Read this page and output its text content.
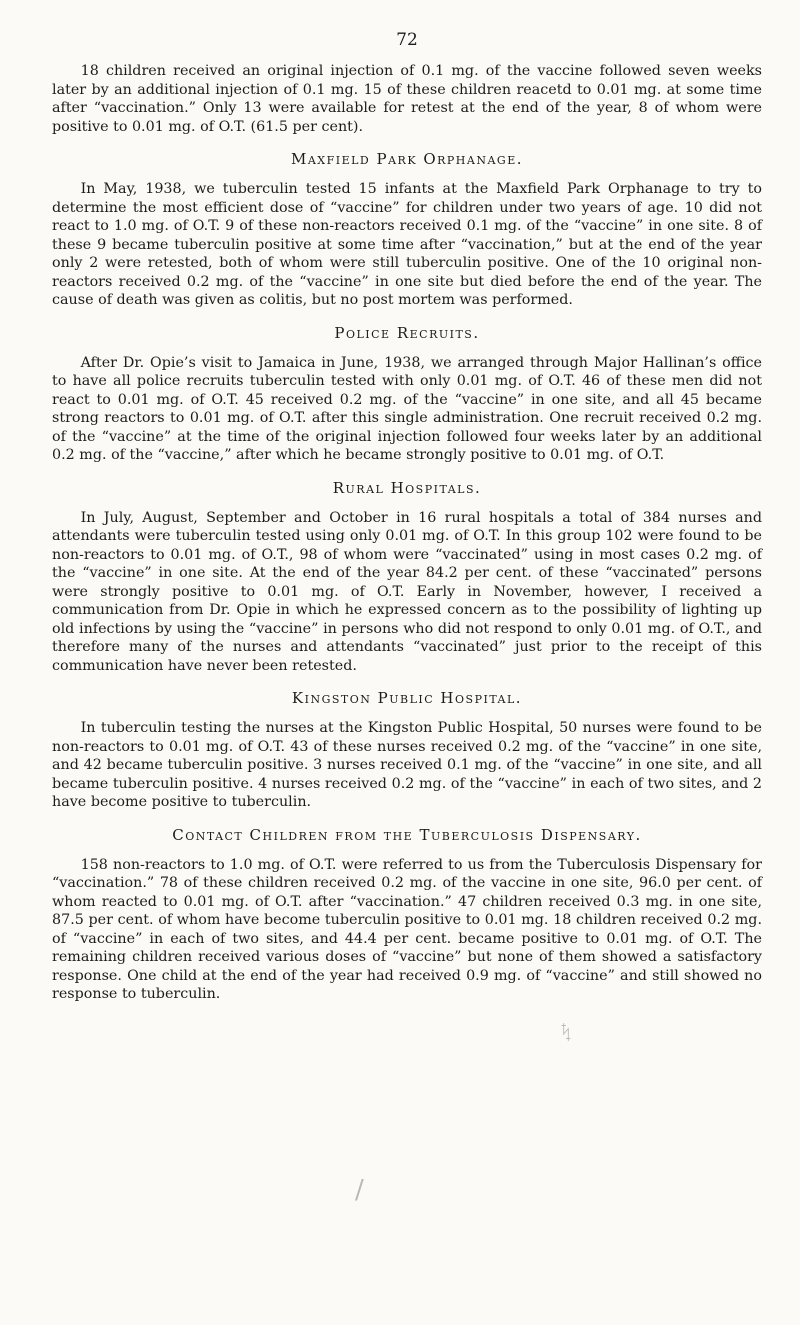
72

18 children received an original injection of 0.1 mg. of the vaccine followed seven weeks later by an additional injection of 0.1 mg. 15 of these children reacetd to 0.01 mg. at some time after “vaccination.” Only 13 were available for retest at the end of the year, 8 of whom were positive to 0.01 mg. of O.T. (61.5 per cent).

Maxfield Park Orphanage.

In May, 1938, we tuberculin tested 15 infants at the Maxfield Park Orphanage to try to determine the most efficient dose of “vaccine” for children under two years of age. 10 did not react to 1.0 mg. of O.T. 9 of these non-reactors received 0.1 mg. of the “vaccine” in one site. 8 of these 9 became tuberculin positive at some time after “vaccination,” but at the end of the year only 2 were retested, both of whom were still tuberculin positive. One of the 10 original non-reactors received 0.2 mg. of the “vaccine” in one site but died before the end of the year. The cause of death was given as colitis, but no post mortem was performed.

Police Recruits.

After Dr. Opie’s visit to Jamaica in June, 1938, we arranged through Major Hallinan’s office to have all police recruits tuberculin tested with only 0.01 mg. of O.T. 46 of these men did not react to 0.01 mg. of O.T. 45 received 0.2 mg. of the “vaccine” in one site, and all 45 became strong reactors to 0.01 mg. of O.T. after this single administration. One recruit received 0.2 mg. of the “vaccine” at the time of the original injection followed four weeks later by an additional 0.2 mg. of the “vaccine,” after which he became strongly positive to 0.01 mg. of O.T.

Rural Hospitals.

In July, August, September and October in 16 rural hospitals a total of 384 nurses and attendants were tuberculin tested using only 0.01 mg. of O.T. In this group 102 were found to be non-reactors to 0.01 mg. of O.T., 98 of whom were “vaccinated” using in most cases 0.2 mg. of the “vaccine” in one site. At the end of the year 84.2 per cent. of these “vaccinated” persons were strongly positive to 0.01 mg. of O.T. Early in November, however, I received a communication from Dr. Opie in which he expressed concern as to the possibility of lighting up old infections by using the “vaccine” in persons who did not respond to only 0.01 mg. of O.T., and therefore many of the nurses and attendants “vaccinated” just prior to the receipt of this communication have never been retested.

Kingston Public Hospital.

In tuberculin testing the nurses at the Kingston Public Hospital, 50 nurses were found to be non-reactors to 0.01 mg. of O.T. 43 of these nurses received 0.2 mg. of the “vaccine” in one site, and 42 became tuberculin positive. 3 nurses received 0.1 mg. of the “vaccine” in one site, and all became tuberculin positive. 4 nurses received 0.2 mg. of the “vaccine” in each of two sites, and 2 have become positive to tuberculin.

Contact Children from the Tuberculosis Dispensary.

158 non-reactors to 1.0 mg. of O.T. were referred to us from the Tuberculosis Dispensary for “vaccination.” 78 of these children received 0.2 mg. of the vaccine in one site, 96.0 per cent. of whom reacted to 0.01 mg. of O.T. after “vaccination.” 47 children received 0.3 mg. in one site, 87.5 per cent. of whom have become tuberculin positive to 0.01 mg. 18 children received 0.2 mg. of “vaccine” in each of two sites, and 44.4 per cent. became positive to 0.01 mg. of O.T. The remaining children received various doses of “vaccine” but none of them showed a satisfactory response. One child at the end of the year had received 0.9 mg. of “vaccine” and still showed no response to tuberculin.

ᛪ
/
